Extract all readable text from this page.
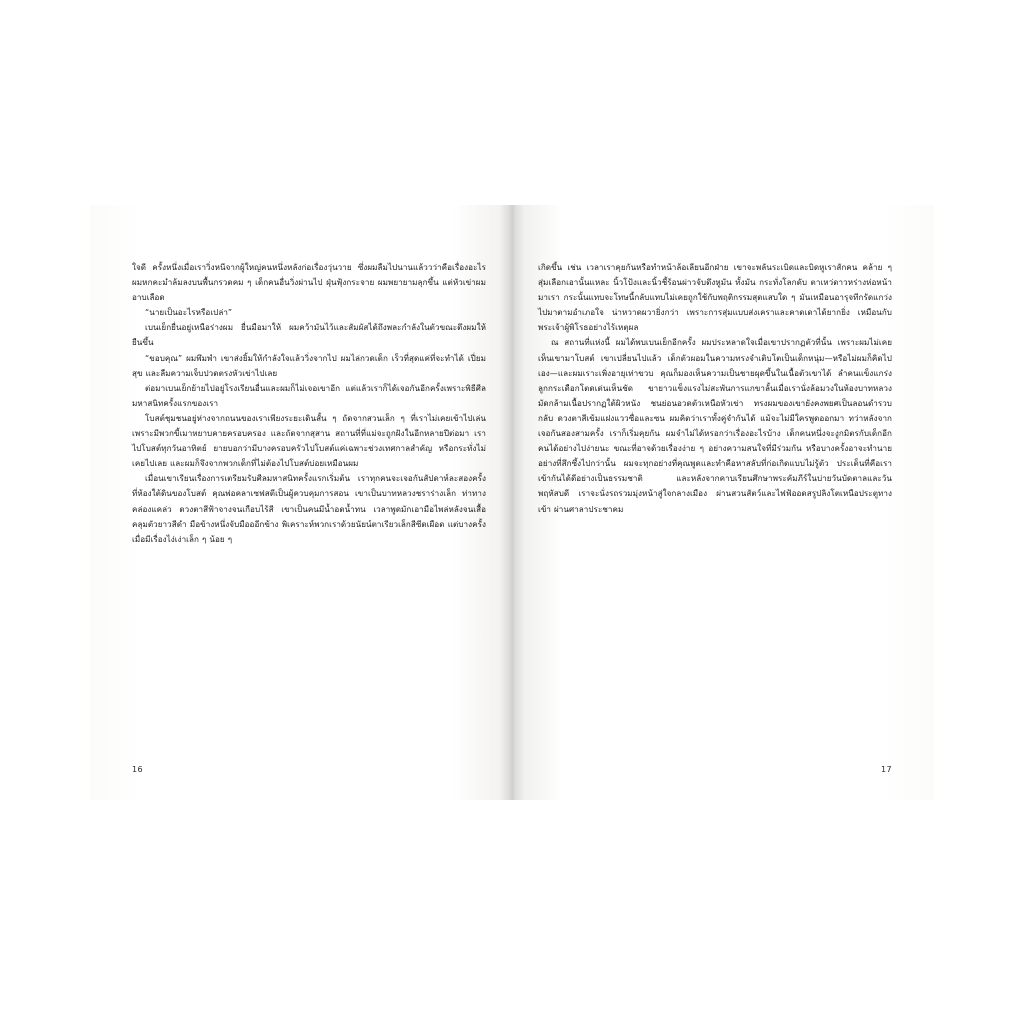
ใจดี ครั้งหนึ่งเมื่อเราวิ่งหนีจากผู้ใหญ่คนหนึ่งหลังก่อเรื่องวุ่นวาย ซึ่งผมลืมไปนานแล้ววว่าคือเรื่องอะไร ผมหกคะมำล้มลงบนพื้นกรวดคม ๆ เด็กคนอื่นวิ่งผ่านไป ฝุ่นฟุ้งกระจาย ผมพยายามลุกขึ้น แต่หัวเข่าผมอาบเลือด

“นายเป็นอะไรหรือเปล่า”

เบนเย็กยื่นอยู่เหนือร่างผม ยื่นมือมาให้ ผมคว้ามันไว้และสัมผัสได้ถึงพละกำลังในตัวขณะดึงผมให้ยืนขึ้น

“ขอบคุณ” ผมพึมพำ เขาส่งยิ้มให้กำลังใจแล้ววิ่งจากไป ผมไล่กวดเด็ก เร็วที่สุดแค่ที่จะทำได้ เปี่ยมสุข และลืมความเจ็บปวดตรงหัวเข่าไปเลย

ต่อมาเบนเย็กย้ายไปอยู่โรงเรียนอื่นและผมก็ไม่เจอเขาอีก แต่แล้วเราก็ได้เจอกันอีกครั้งเพราะพิธีศีลมหาสนิทครั้งแรกของเรา

โบสต์ชุมชนอยู่ห่างจากถนนของเราเพียงระยะเดินสั้น ๆ ถัดจากสวนเล็ก ๆ ที่เราไม่เคยเข้าไปเล่นเพราะมีพวกขี้เมาหยาบคายครอบครอง และถัดจากสุสาน สถานที่ที่แม่จะถูกฝังในอีกหลายปีต่อมา เราไปโบสต์ทุกวันอาทิตย์ ยายบอกว่ามีบางครอบครัวไปโบสต์แค่เฉพาะช่วงเทศกาลสำคัญ หรือกระทั่งไม่เคยไปเลย และผมก็จึงจากพวกเด็กที่ไม่ต้องไปโบสต์บ่อยเหมือนผม

เมื่อนเขาเรียนเรื่องการเตรียมรับศีลมหาสนิทครั้งแรกเริ่มต้น เราทุกคนจะเจอกันสัปดาห์ละสองครั้งที่ห้องใต้ดินของโบสต์ คุณพ่อคลาเซฟสตีเป็นผู้ควบคุมการสอน เขาเป็นบาทหลวงชราร่างเล็ก ท่าทางคล่องแคล่ว ดวงตาสีฟ้าจางจนเกือบไร้สี เขาเป็นคนมีน้ำอดน้ำทน เวลาพูดมักเอามือไพล่หลังจนเสื้อคลุมตัวยาวสีดำ มือข้างหนึ่งจับมือออีกข้าง พิเคราะห์พวกเราด้วยนัยน์ตาเรียวเล็กสีซีดเผือด แต่บางครั้ง เมื่อมีเรื่องไง่เง่าเล็ก ๆ น้อย ๆ

16

เกิดขึ้น เช่น เวลาเราคุยกันหรือทำหน้าล้อเลียนอีกฝ่าย เขาจะพลันระเบิดและบิดหูเราสักคน คล้าย ๆ สุ่มเลือกเอานั้นแหละ นิ้วโป้งและนิ้วชี้ร้อนผ่าวจับดึงหูมัน ทั้งมัน กระทั่งโลกดับ ตาเหว่ดาวหร่างห่อหน้ามาเรา กระนั้นแทบจะโทษนี้กลับแทบไม่เคยถูกใช้กับพฤติกรรมสุดแสบใด ๆ มันเหมือนอารุจทีกรัดแกว่งไปมาตามอำเภอใจ น่าหวาดผวายิ่งกว่า เพราะการสุ่มแบบส่งเคราและคาดเดาได้ยากยิ่ง เหมือนกับพระเจ้าผู้พิโรธอย่างไร้เหตุผล

ณ สถานที่แห่งนี้ ผมได้พบเบนเย็กอีกครั้ง ผมประหลาดใจเมื่อเขาปรากฏตัวที่นั้น เพราะผมไม่เคยเห็นเขามาโบสต์ เขาเปลี่ยนไปแล้ว เด็กตัวผอมในความทรงจำเติบโตเป็นเด็กหนุ่ม—หรือไม่ผมก็คิดไปเอง—และผมเราะเพิ่งอายุเท่าขวบ คุณก็มองเห็นความเป็นชายผุดขึ้นในเนื้อตัวเขาได้ ลำคนแข็งแกร่ง ลูกกระเดือกโตดเด่นเห็นชัด ขายาวแข็งแรงไม่สะพันการแกขาลั้นเมื่อเรานั่งล้อมวงในห้องบาทหลวง มัดกล้ามเนื้อปรากฏใต้ผิวหนัง ชนย่อนอวดตัวเหนือหัวเข่า ทรงผมของเขายังคงพยศเป็นลอนดำรวบกลับ ดวงตาสีเข้มแฝงแววซื่อและซน ผมคิดว่าเราทั้งคู่จำกันได้ แม้จะไม่มีใครพูดออกมา ทว่าหลังจากเจอกันสองสามครั้ง เราก็เริ่มคุยกัน ผมจำไม่ได้หรอกว่าเรื่องอะไรบ้าง เด็กคนหนึ่งจะงูกมิตรกับเด็กอีกคนได้อย่างไปง่ายนะ ขณะที่อาจด้วยเรื่องง่าย ๆ อย่างความสนใจที่มีร่วมกัน หรือบางครั้งอาจะทำนายอย่างที่สึกซึ้งไปกว่านั้น ผมจะทุกอย่างที่คุณพูดและทำคือหาสลับที่ก่อเกิดแบบไม่รู้ตัว ประเด็นที่คือเราเข้ากันได้ดีอย่างเป็นธรรมชาติ และหลังจากคาบเรียนศึกษาพระคัมภีร์ในบ่ายวันบัดตาลและวันพฤหัสบดี เราจะนั่งรถรวมมุ่งหน้าสู่ใจกลางเมือง ผ่านสวนสัตว์และไฟฟ้ออดสรูปลิงโตเหนือประตูทางเข้า ผ่านศาลาประชาคม

17
